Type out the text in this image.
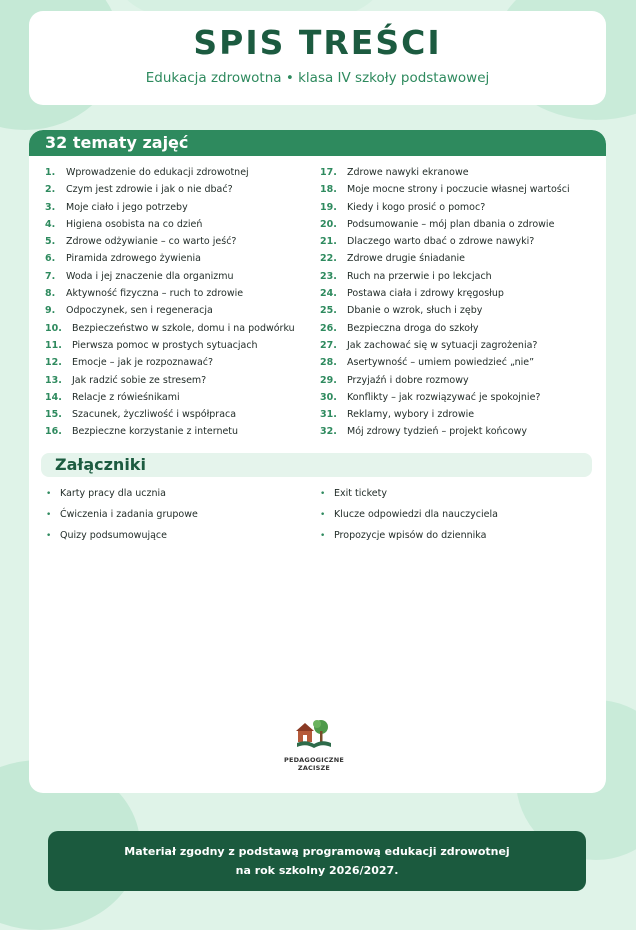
SPIS TREŚCI
Edukacja zdrowotna • klasa IV szkoły podstawowej
32 tematy zajęć
1.	Wprowadzenie do edukacji zdrowotnej
2.	Czym jest zdrowie i jak o nie dbać?
3.	Moje ciało i jego potrzeby
4.	Higiena osobista na co dzień
5.	Zdrowe odżywianie – co warto jeść?
6.	Piramida zdrowego żywienia
7.	Woda i jej znaczenie dla organizmu
8.	Aktywność fizyczna – ruch to zdrowie
9.	Odpoczynek, sen i regeneracja
10.	Bezpieczeństwo w szkole, domu i na podwórku
11.	Pierwsza pomoc w prostych sytuacjach
12.	Emocje – jak je rozpoznawać?
13.	Jak radzić sobie ze stresem?
14.	Relacje z rówieśnikami
15.	Szacunek, życzliwość i współpraca
16.	Bezpieczne korzystanie z internetu
17.	Zdrowe nawyki ekranowe
18.	Moje mocne strony i poczucie własnej wartości
19.	Kiedy i kogo prosić o pomoc?
20.	Podsumowanie – mój plan dbania o zdrowie
21.	Dlaczego warto dbać o zdrowe nawyki?
22.	Zdrowe drugie śniadanie
23.	Ruch na przerwie i po lekcjach
24.	Postawa ciała i zdrowy kręgosłup
25.	Dbanie o wzrok, słuch i zęby
26.	Bezpieczna droga do szkoły
27.	Jak zachować się w sytuacji zagrożenia?
28.	Asertywność – umiem powiedzieć „nie”
29.	Przyjaźń i dobre rozmowy
30.	Konflikty – jak rozwiązywać je spokojnie?
31.	Reklamy, wybory i zdrowie
32.	Mój zdrowy tydzień – projekt końcowy
Załączniki
• Karty pracy dla ucznia
• Ćwiczenia i zadania grupowe
• Quizy podsumowujące
• Exit tickety
• Klucze odpowiedzi dla nauczyciela
• Propozycje wpisów do dziennika
PEDAGOGICZNE
ZACISZE
Materiał zgodny z podstawą programową edukacji zdrowotnej
na rok szkolny 2026/2027.
